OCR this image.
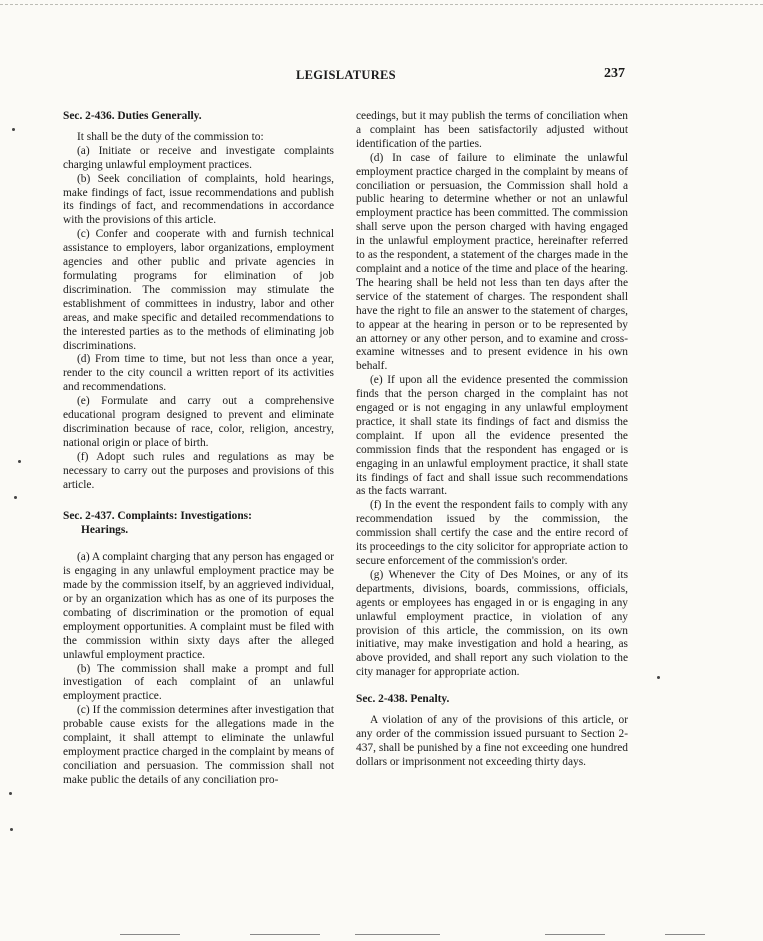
LEGISLATURES	237
Sec. 2-436. Duties Generally.

It shall be the duty of the commission to:

(a) Initiate or receive and investigate complaints charging unlawful employment practices.

(b) Seek conciliation of complaints, hold hearings, make findings of fact, issue recommendations and publish its findings of fact, and recommendations in accordance with the provisions of this article.

(c) Confer and cooperate with and furnish technical assistance to employers, labor organizations, employment agencies and other public and private agencies in formulating programs for elimination of job discrimination. The commission may stimulate the establishment of committees in industry, labor and other areas, and make specific and detailed recommendations to the interested parties as to the methods of eliminating job discriminations.

(d) From time to time, but not less than once a year, render to the city council a written report of its activities and recommendations.

(e) Formulate and carry out a comprehensive educational program designed to prevent and eliminate discrimination because of race, color, religion, ancestry, national origin or place of birth.

(f) Adopt such rules and regulations as may be necessary to carry out the purposes and provisions of this article.

Sec. 2-437. Complaints: Investigations:
Hearings.

(a) A complaint charging that any person has engaged or is engaging in any unlawful employment practice may be made by the commission itself, by an aggrieved individual, or by an organization which has as one of its purposes the combating of discrimination or the promotion of equal employment opportunities. A complaint must be filed with the commission within sixty days after the alleged unlawful employment practice.

(b) The commission shall make a prompt and full investigation of each complaint of an unlawful employment practice.

(c) If the commission determines after investigation that probable cause exists for the allegations made in the complaint, it shall attempt to eliminate the unlawful employment practice charged in the complaint by means of conciliation and persuasion. The commission shall not make public the details of any conciliation pro-

ceedings, but it may publish the terms of conciliation when a complaint has been satisfactorily adjusted without identification of the parties.

(d) In case of failure to eliminate the unlawful employment practice charged in the complaint by means of conciliation or persuasion, the Commission shall hold a public hearing to determine whether or not an unlawful employment practice has been committed. The commission shall serve upon the person charged with having engaged in the unlawful employment practice, hereinafter referred to as the respondent, a statement of the charges made in the complaint and a notice of the time and place of the hearing. The hearing shall be held not less than ten days after the service of the statement of charges. The respondent shall have the right to file an answer to the statement of charges, to appear at the hearing in person or to be represented by an attorney or any other person, and to examine and cross-examine witnesses and to present evidence in his own behalf.

(e) If upon all the evidence presented the commission finds that the person charged in the complaint has not engaged or is not engaging in any unlawful employment practice, it shall state its findings of fact and dismiss the complaint. If upon all the evidence presented the commission finds that the respondent has engaged or is engaging in an unlawful employment practice, it shall state its findings of fact and shall issue such recommendations as the facts warrant.

(f) In the event the respondent fails to comply with any recommendation issued by the commission, the commission shall certify the case and the entire record of its proceedings to the city solicitor for appropriate action to secure enforcement of the commission's order.

(g) Whenever the City of Des Moines, or any of its departments, divisions, boards, commissions, officials, agents or employees has engaged in or is engaging in any unlawful employment practice, in violation of any provision of this article, the commission, on its own initiative, may make investigation and hold a hearing, as above provided, and shall report any such violation to the city manager for appropriate action.

Sec. 2-438. Penalty.

A violation of any of the provisions of this article, or any order of the commission issued pursuant to Section 2-437, shall be punished by a fine not exceeding one hundred dollars or imprisonment not exceeding thirty days.
